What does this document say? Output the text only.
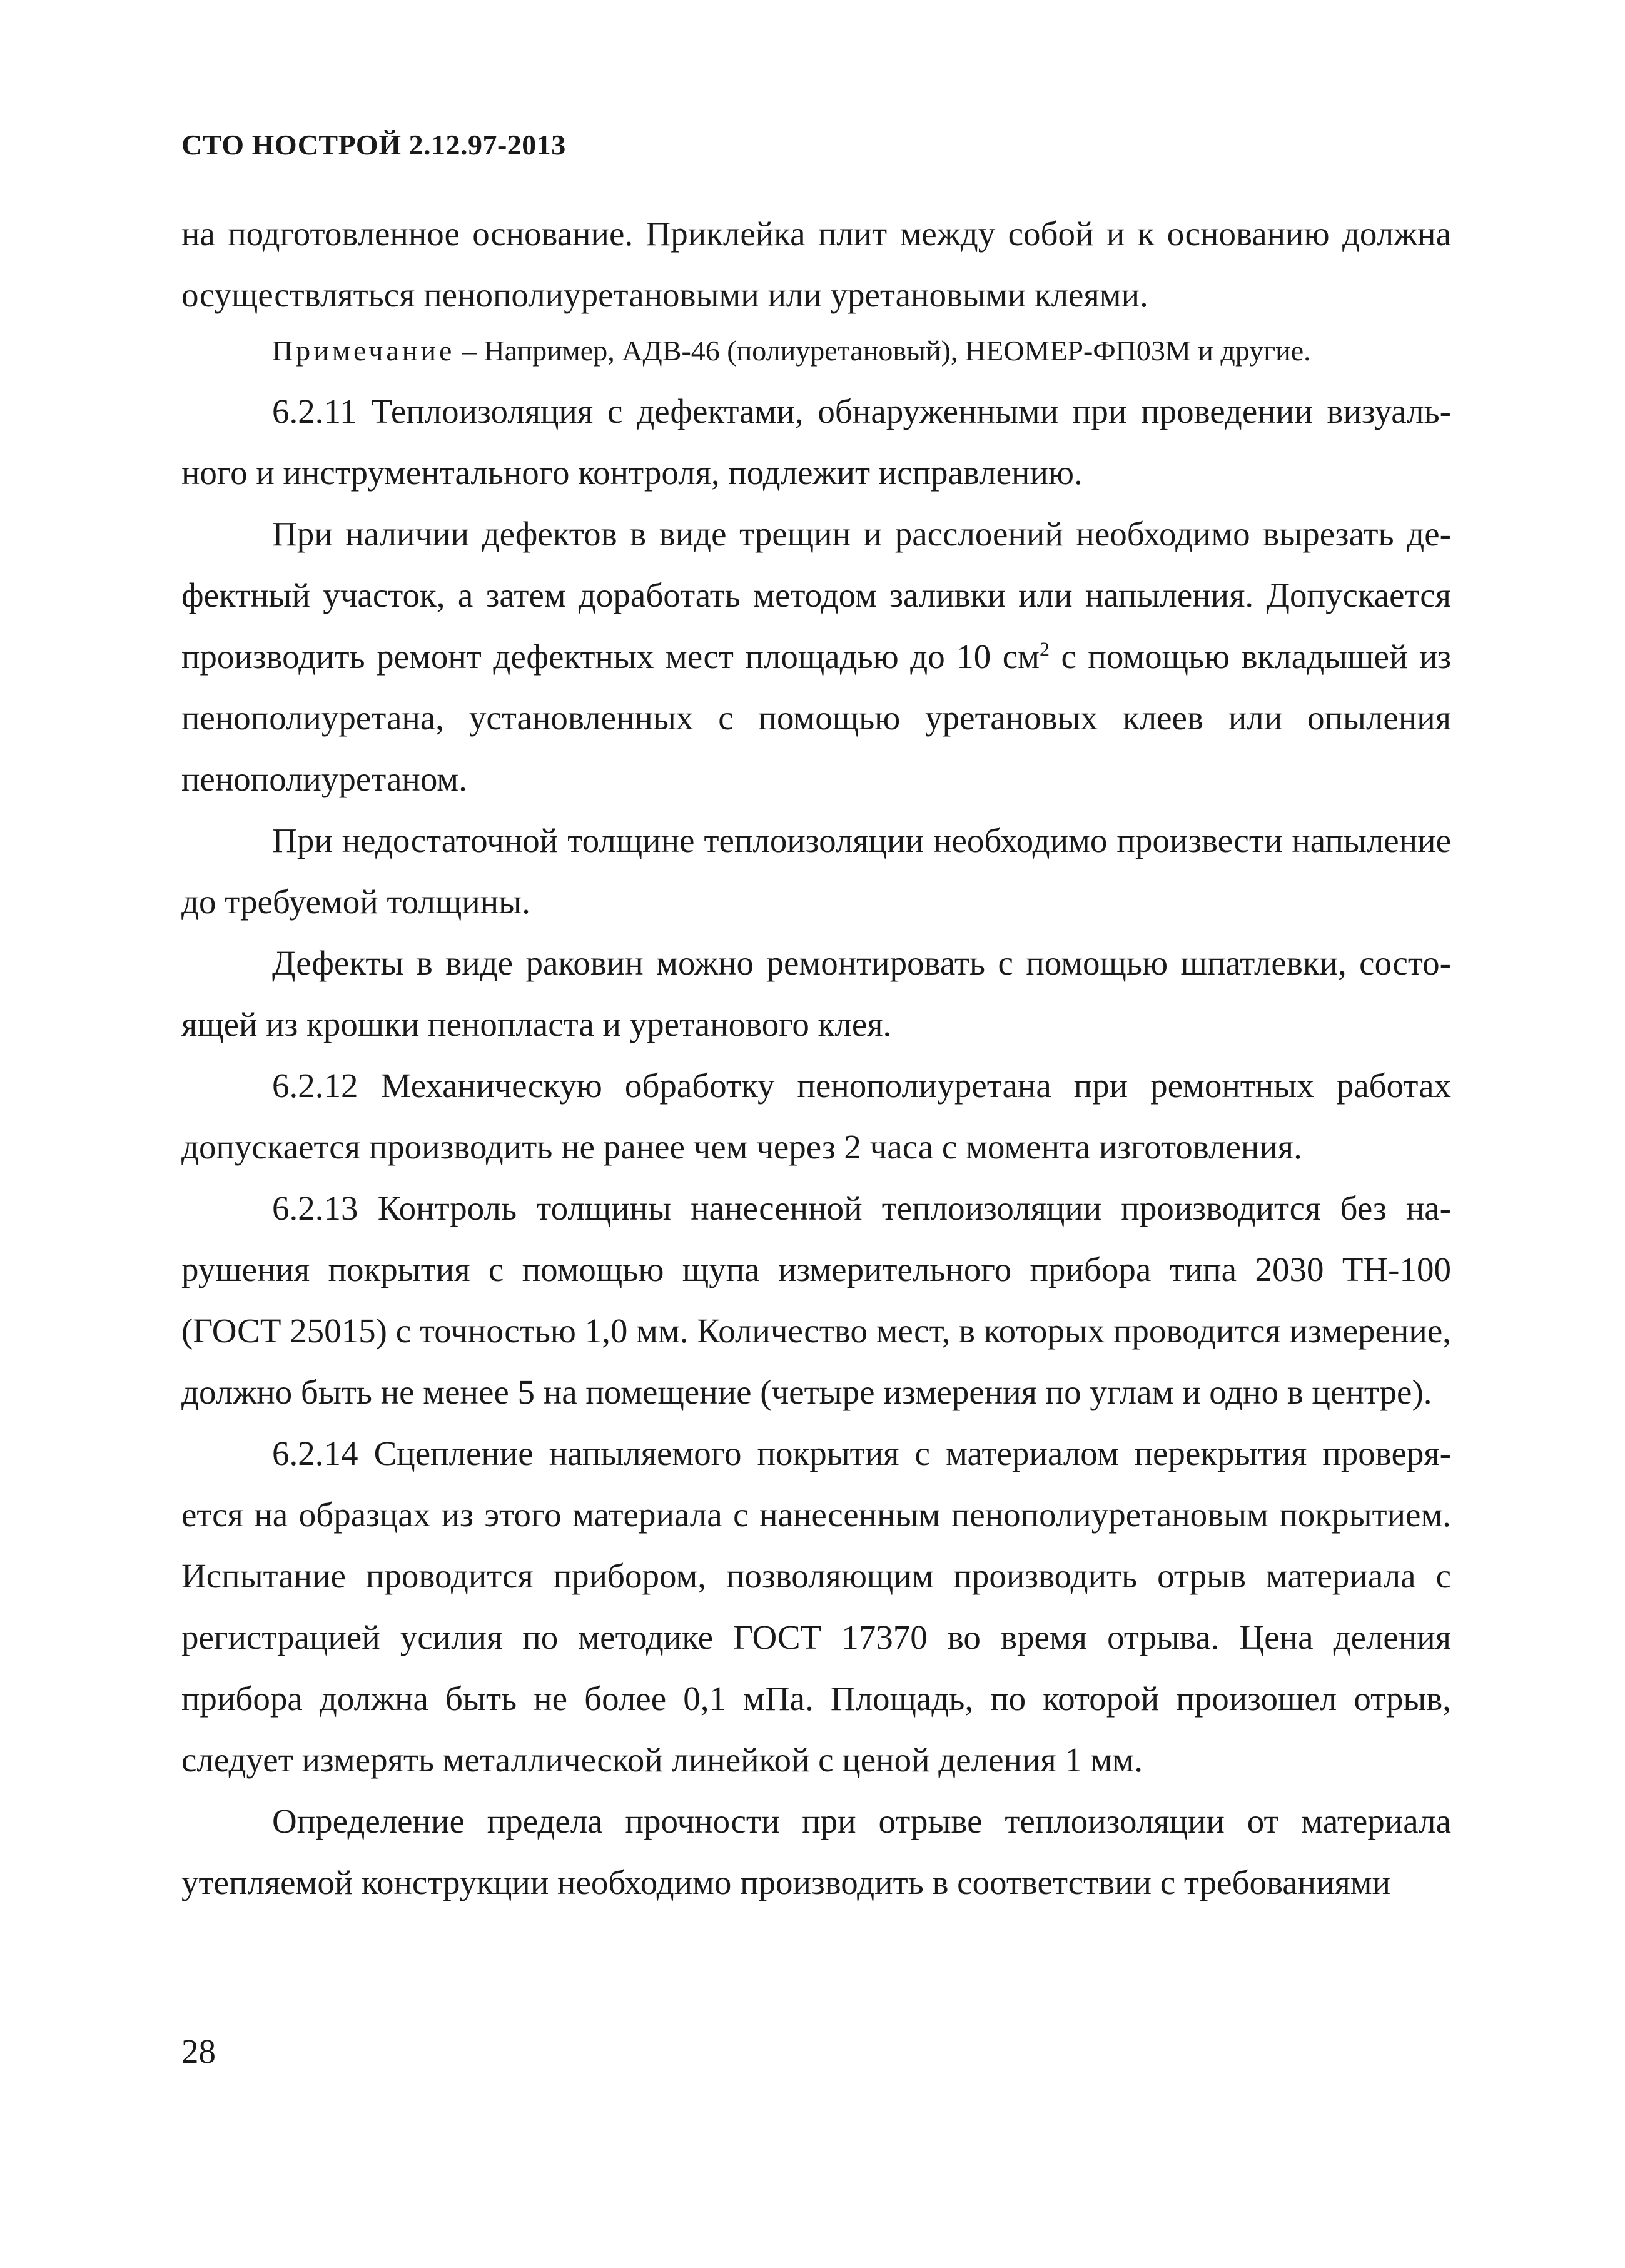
СТО НОСТРОЙ 2.12.97-2013

на подготовленное основание. Приклейка плит между собой и к основанию должна осуществляться пенополиуретановыми или уретановыми клеями.

Примечание – Например, АДВ-46 (полиуретановый), НЕОМЕР-ФП03М и другие.

6.2.11 Теплоизоляция с дефектами, обнаруженными при проведении визуального и инструментального контроля, подлежит исправлению.

При наличии дефектов в виде трещин и расслоений необходимо вырезать дефектный участок, а затем доработать методом заливки или напыления. Допускается производить ремонт дефектных мест площадью до 10 $см^2$ с помощью вкладышей из пенополиуретана, установленных с помощью уретановых клеев или опыления пенополиуретаном.

При недостаточной толщине теплоизоляции необходимо произвести напыление до требуемой толщины.

Дефекты в виде раковин можно ремонтировать с помощью шпатлевки, состоящей из крошки пенопласта и уретанового клея.

6.2.12 Механическую обработку пенополиуретана при ремонтных работах допускается производить не ранее чем через 2 часа с момента изготовления.

6.2.13 Контроль толщины нанесенной теплоизоляции производится без нарушения покрытия с помощью щупа измерительного прибора типа 2030 ТН-100 (ГОСТ 25015) с точностью 1,0 мм. Количество мест, в которых проводится измерение, должно быть не менее 5 на помещение (четыре измерения по углам и одно в центре).

6.2.14 Сцепление напыляемого покрытия с материалом перекрытия проверяется на образцах из этого материала с нанесенным пенополиуретановым покрытием. Испытание проводится прибором, позволяющим производить отрыв материала с регистрацией усилия по методике ГОСТ 17370 во время отрыва. Цена деления прибора должна быть не более 0,1 мПа. Площадь, по которой произошел отрыв, следует измерять металлической линейкой с ценой деления 1 мм.

Определение предела прочности при отрыве теплоизоляции от материала утепляемой конструкции необходимо производить в соответствии с требованиями

28
